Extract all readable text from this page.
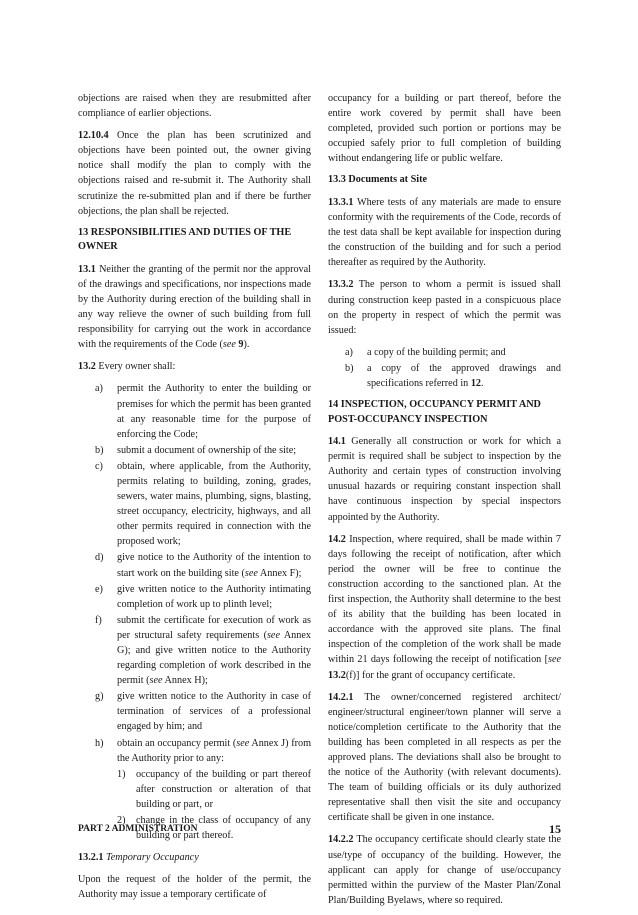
objections are raised when they are resubmitted after compliance of earlier objections.

12.10.4 Once the plan has been scrutinized and objections have been pointed out, the owner giving notice shall modify the plan to comply with the objections raised and re-submit it. The Authority shall scrutinize the re-submitted plan and if there be further objections, the plan shall be rejected.

13 RESPONSIBILITIES AND DUTIES OF THE OWNER

13.1 Neither the granting of the permit nor the approval of the drawings and specifications, nor inspections made by the Authority during erection of the building shall in any way relieve the owner of such building from full responsibility for carrying out the work in accordance with the requirements of the Code (see 9).

13.2 Every owner shall:

a)	permit the Authority to enter the building or premises for which the permit has been granted at any reasonable time for the purpose of enforcing the Code;
b)	submit a document of ownership of the site;
c)	obtain, where applicable, from the Authority, permits relating to building, zoning, grades, sewers, water mains, plumbing, signs, blasting, street occupancy, electricity, highways, and all other permits required in connection with the proposed work;
d)	give notice to the Authority of the intention to start work on the building site (see Annex F);
e)	give written notice to the Authority intimating completion of work up to plinth level;
f)	submit the certificate for execution of work as per structural safety requirements (see Annex G); and give written notice to the Authority regarding completion of work described in the permit (see Annex H);
g)	give written notice to the Authority in case of termination of services of a professional engaged by him; and
h)	obtain an occupancy permit (see Annex J) from the Authority prior to any:
1)	occupancy of the building or part thereof after construction or alteration of that building or part, or
2)	change in the class of occupancy of any building or part thereof.

13.2.1 Temporary Occupancy

Upon the request of the holder of the permit, the Authority may issue a temporary certificate of

occupancy for a building or part thereof, before the entire work covered by permit shall have been completed, provided such portion or portions may be occupied safely prior to full completion of building without endangering life or public welfare.

13.3 Documents at Site

13.3.1 Where tests of any materials are made to ensure conformity with the requirements of the Code, records of the test data shall be kept available for inspection during the construction of the building and for such a period thereafter as required by the Authority.

13.3.2 The person to whom a permit is issued shall during construction keep pasted in a conspicuous place on the property in respect of which the permit was issued:

a)	a copy of the building permit; and
b)	a copy of the approved drawings and specifications referred in 12.
14 INSPECTION, OCCUPANCY PERMIT AND POST-OCCUPANCY INSPECTION

14.1 Generally all construction or work for which a permit is required shall be subject to inspection by the Authority and certain types of construction involving unusual hazards or requiring constant inspection shall have continuous inspection by special inspectors appointed by the Authority.

14.2 Inspection, where required, shall be made within 7 days following the receipt of notification, after which period the owner will be free to continue the construction according to the sanctioned plan. At the first inspection, the Authority shall determine to the best of its ability that the building has been located in accordance with the approved site plans. The final inspection of the completion of the work shall be made within 21 days following the receipt of notification [see 13.2(f)] for the grant of occupancy certificate.

14.2.1 The owner/concerned registered architect/ engineer/structural engineer/town planner will serve a notice/completion certificate to the Authority that the building has been completed in all respects as per the approved plans. The deviations shall also be brought to the notice of the Authority (with relevant documents). The team of building officials or its duly authorized representative shall then visit the site and occupancy certificate shall be given in one instance.

14.2.2 The occupancy certificate should clearly state the use/type of occupancy of the building. However, the applicant can apply for change of use/occupancy permitted within the purview of the Master Plan/Zonal Plan/Building Byelaws, where so required.

PART 2 ADMINISTRATION	15
